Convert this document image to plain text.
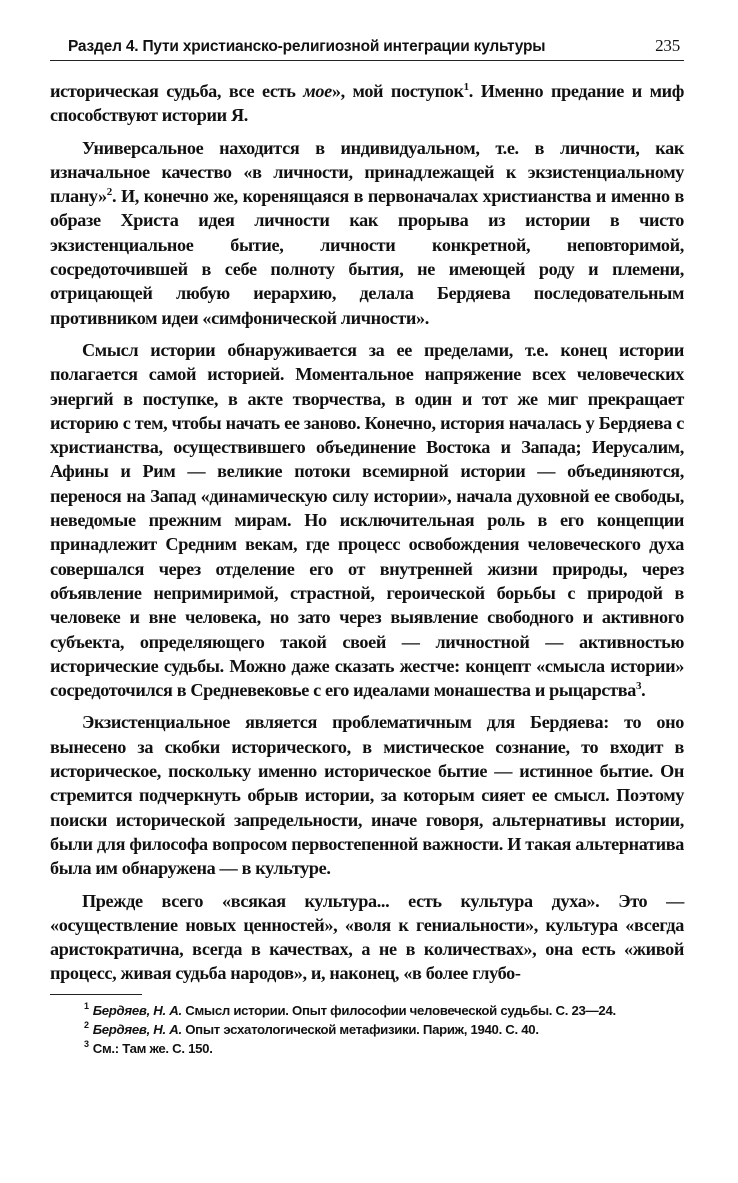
Раздел 4. Пути христианско-религиозной интеграции культуры	235

историческая судьба, все есть мое», мой поступок$^1$. Именно предание и миф способствуют истории Я.

Универсальное находится в индивидуальном, т.е. в личности, как изначальное качество «в личности, принадлежащей к экзистенциальному плану»$^2$. И, конечно же, коренящаяся в первоначалах христианства и именно в образе Христа идея личности как прорыва из истории в чисто экзистенциальное бытие, личности конкретной, неповторимой, сосредоточившей в себе полноту бытия, не имеющей роду и племени, отрицающей любую иерархию, делала Бердяева последовательным противником идеи «симфонической личности».

Смысл истории обнаруживается за ее пределами, т.е. конец истории полагается самой историей. Моментальное напряжение всех человеческих энергий в поступке, в акте творчества, в один и тот же миг прекращает историю с тем, чтобы начать ее заново. Конечно, история началась у Бердяева с христианства, осуществившего объединение Востока и Запада; Иерусалим, Афины и Рим — великие потоки всемирной истории — объединяются, перенося на Запад «динамическую силу истории», начала духовной ее свободы, неведомые прежним мирам. Но исключительная роль в его концепции принадлежит Средним векам, где процесс освобождения человеческого духа совершался через отделение его от внутренней жизни природы, через объявление непримиримой, страстной, героической борьбы с природой в человеке и вне человека, но зато через выявление свободного и активного субъекта, определяющего такой своей — личностной — активностью исторические судьбы. Можно даже сказать жестче: концепт «смысла истории» сосредоточился в Средневековье с его идеалами монашества и рыцарства$^3$.

Экзистенциальное является проблематичным для Бердяева: то оно вынесено за скобки исторического, в мистическое сознание, то входит в историческое, поскольку именно историческое бытие — истинное бытие. Он стремится подчеркнуть обрыв истории, за которым сияет ее смысл. Поэтому поиски исторической запредельности, иначе говоря, альтернативы истории, были для философа вопросом первостепенной важности. И такая альтернатива была им обнаружена — в культуре.

Прежде всего «всякая культура... есть культура духа». Это — «осуществление новых ценностей», «воля к гениальности», культура «всегда аристократична, всегда в качествах, а не в количествах», она есть «живой процесс, живая судьба народов», и, наконец, «в более глубо-

$^1$ Бердяев, Н. А. Смысл истории. Опыт философии человеческой судьбы. С. 23—24.
$^2$ Бердяев, Н. А. Опыт эсхатологической метафизики. Париж, 1940. С. 40.
$^3$ См.: Там же. С. 150.
